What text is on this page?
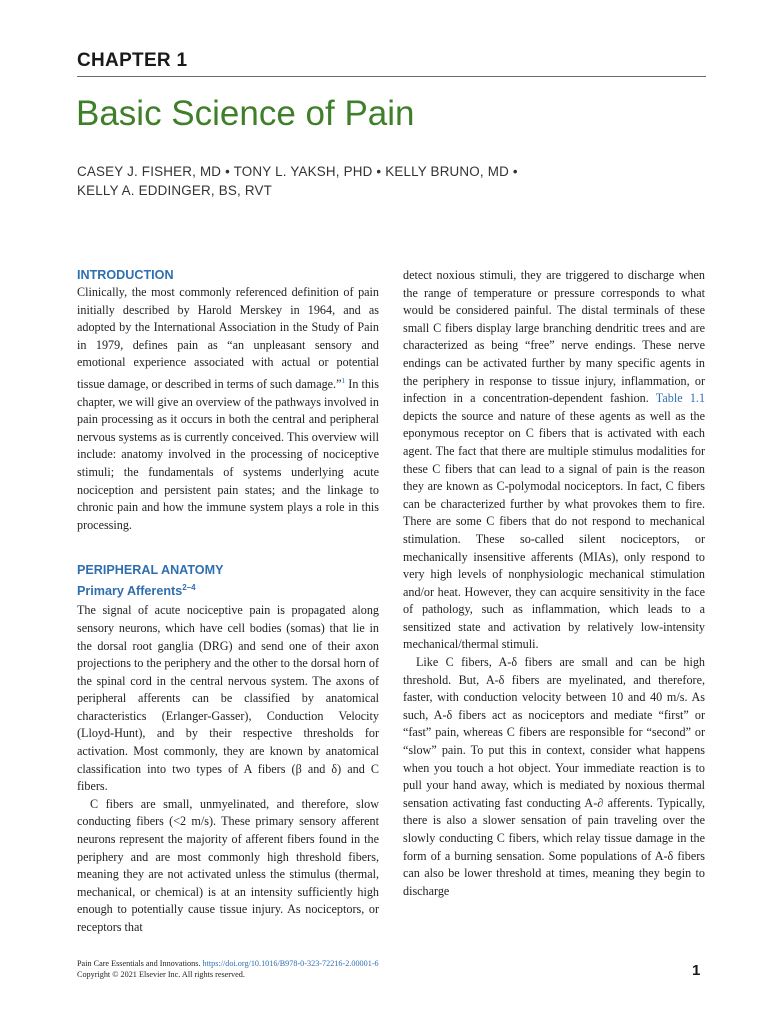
CHAPTER 1
Basic Science of Pain
CASEY J. FISHER, MD • TONY L. YAKSH, PHD • KELLY BRUNO, MD •
KELLY A. EDDINGER, BS, RVT
INTRODUCTION

Clinically, the most commonly referenced definition of pain initially described by Harold Merskey in 1964, and as adopted by the International Association in the Study of Pain in 1979, defines pain as “an unpleasant sensory and emotional experience associated with actual or potential tissue damage, or described in terms of such damage.”$^1$ In this chapter, we will give an overview of the pathways involved in pain processing as it occurs in both the central and peripheral nervous systems as is currently conceived. This overview will include: anatomy involved in the processing of nociceptive stimuli; the fundamentals of systems underlying acute nociception and persistent pain states; and the linkage to chronic pain and how the immune system plays a role in this processing.

PERIPHERAL ANATOMY
Primary Afferents$^{2-4}$

The signal of acute nociceptive pain is propagated along sensory neurons, which have cell bodies (somas) that lie in the dorsal root ganglia (DRG) and send one of their axon projections to the periphery and the other to the dorsal horn of the spinal cord in the central nervous system. The axons of peripheral afferents can be classified by anatomical characteristics (Erlanger-Gasser), Conduction Velocity (Lloyd-Hunt), and by their respective thresholds for activation. Most commonly, they are known by anatomical classification into two types of A fibers (β and δ) and C fibers.

C fibers are small, unmyelinated, and therefore, slow conducting fibers (<2 m/s). These primary sensory afferent neurons represent the majority of afferent fibers found in the periphery and are most commonly high threshold fibers, meaning they are not activated unless the stimulus (thermal, mechanical, or chemical) is at an intensity sufficiently high enough to potentially cause tissue injury. As nociceptors, or receptors that

detect noxious stimuli, they are triggered to discharge when the range of temperature or pressure corresponds to what would be considered painful. The distal terminals of these small C fibers display large branching dendritic trees and are characterized as being “free” nerve endings. These nerve endings can be activated further by many specific agents in the periphery in response to tissue injury, inflammation, or infection in a concentration-dependent fashion. Table 1.1 depicts the source and nature of these agents as well as the eponymous receptor on C fibers that is activated with each agent. The fact that there are multiple stimulus modalities for these C fibers that can lead to a signal of pain is the reason they are known as C-polymodal nociceptors. In fact, C fibers can be characterized further by what provokes them to fire. There are some C fibers that do not respond to mechanical stimulation. These so-called silent nociceptors, or mechanically insensitive afferents (MIAs), only respond to very high levels of nonphysiologic mechanical stimulation and/or heat. However, they can acquire sensitivity in the face of pathology, such as inflammation, which leads to a sensitized state and activation by relatively low-intensity mechanical/thermal stimuli.

Like C fibers, A-δ fibers are small and can be high threshold. But, A-δ fibers are myelinated, and therefore, faster, with conduction velocity between 10 and 40 m/s. As such, A-δ fibers act as nociceptors and mediate “first” or “fast” pain, whereas C fibers are responsible for “second” or “slow” pain. To put this in context, consider what happens when you touch a hot object. Your immediate reaction is to pull your hand away, which is mediated by noxious thermal sensation activating fast conducting A-∂ afferents. Typically, there is also a slower sensation of pain traveling over the slowly conducting C fibers, which relay tissue damage in the form of a burning sensation. Some populations of A-δ fibers can also be lower threshold at times, meaning they begin to discharge

Pain Care Essentials and Innovations. https://doi.org/10.1016/B978-0-323-72216-2.00001-6
Copyright © 2021 Elsevier Inc. All rights reserved.	1
